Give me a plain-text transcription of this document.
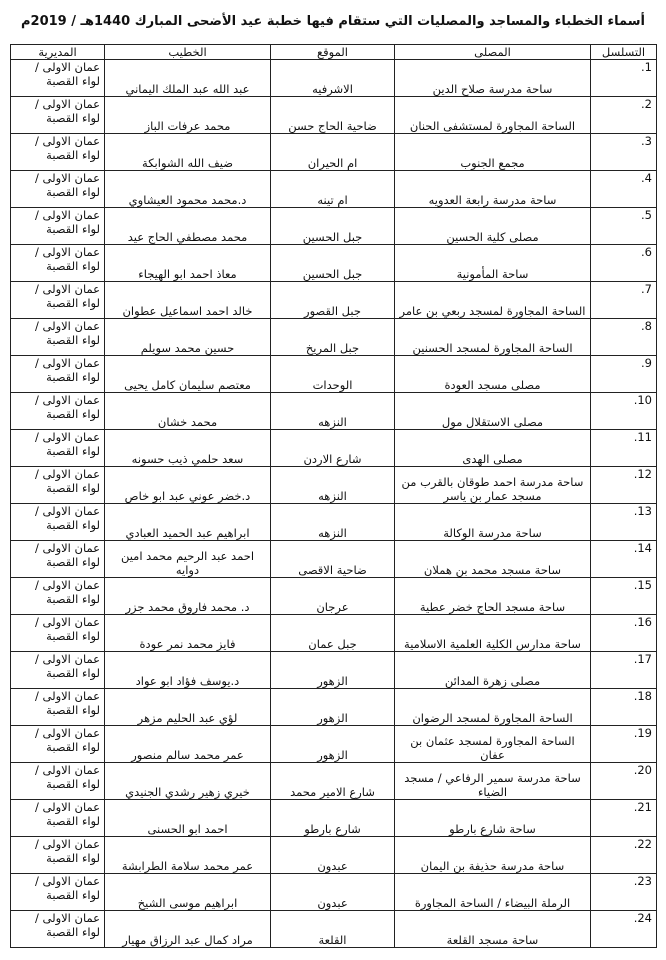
أسماء الخطباء والمساجد والمصليات التي ستقام فيها خطبة عيد الأضحى المبارك 1440هـ / 2019م
التسلسل	المصلى	الموقع	الخطيب	المديرية
1.	ساحة مدرسة صلاح الدين	الاشرفيه	عبد الله عبد الملك اليماني	عمان الاولى /
لواء القصبة

2.	الساحة المجاورة لمستشفى الحنان	ضاحية الحاج حسن	محمد عرفات الباز	عمان الاولى /
لواء القصبة

3.	مجمع الجنوب	ام الحيران	ضيف الله الشوابكة	عمان الاولى /
لواء القصبة

4.	ساحة مدرسة رابعة العدويه	ام تينه	د.محمد محمود العيشاوي	عمان الاولى /
لواء القصبة

5.	مصلى كلية الحسين	جبل الحسين	محمد مصطفي الحاج عيد	عمان الاولى /
لواء القصبة

6.	ساحة المأمونية	جبل الحسين	معاذ احمد ابو الهيجاء	عمان الاولى /
لواء القصبة

7.	الساحة المجاورة لمسجد ربعي بن عامر	جبل القصور	خالد احمد اسماعيل عطوان	عمان الاولى /
لواء القصبة

8.	الساحة المجاورة لمسجد الحسنين	جبل المريخ	حسين محمد سويلم	عمان الاولى /
لواء القصبة

9.	مصلى مسجد العودة	الوحدات	معتصم سليمان كامل يحيى	عمان الاولى /
لواء القصبة

10.	مصلى الاستقلال مول	النزهه	محمد خشان	عمان الاولى /
لواء القصبة

11.	مصلى الهدى	شارع الاردن	سعد حلمي ذيب حسونه	عمان الاولى /
لواء القصبة

12.	ساحة مدرسة احمد طوقان بالقرب من مسجد عمار بن ياسر	النزهه	د.خضر عوني عبد ابو خاص	عمان الاولى /
لواء القصبة

13.	ساحة مدرسة الوكالة	النزهه	ابراهيم عبد الحميد العبادي	عمان الاولى /
لواء القصبة

14.	ساحة مسجد محمد بن هملان	ضاحية الاقصى	احمد عبد الرحيم محمد امين دوايه	عمان الاولى /
لواء القصبة

15.	ساحة مسجد الحاج خضر عطية	عرجان	د. محمد فاروق محمد جزر	عمان الاولى /
لواء القصبة

16.	ساحة مدارس الكلية العلمية الاسلامية	جبل عمان	فايز محمد نمر عودة	عمان الاولى /
لواء القصبة

17.	مصلى زهرة المدائن	الزهور	د.يوسف فؤاد ابو عواد	عمان الاولى /
لواء القصبة

18.	الساحة المجاورة لمسجد الرضوان	الزهور	لؤي عبد الحليم مزهر	عمان الاولى /
لواء القصبة

19.	الساحة المجاورة لمسجد عثمان بن عفان	الزهور	عمر محمد سالم منصور	عمان الاولى /
لواء القصبة

20.	ساحة مدرسة سمير الرفاعي / مسجد الضياء	شارع الامير محمد	خيري زهير رشدي الجنيدي	عمان الاولى /
لواء القصبة

21.	ساحة شارع بارطو	شارع بارطو	احمد ابو الحسنى	عمان الاولى /
لواء القصبة

22.	ساحة مدرسة حذيفة بن اليمان	عبدون	عمر محمد سلامة الطرابشة	عمان الاولى /
لواء القصبة

23.	الرملة البيضاء / الساحة المجاورة	عبدون	ابراهيم موسى الشيخ	عمان الاولى /
لواء القصبة

24.	ساحة مسجد القلعة	القلعة	مراد كمال عبد الرزاق مهيار	عمان الاولى /
لواء القصبة
